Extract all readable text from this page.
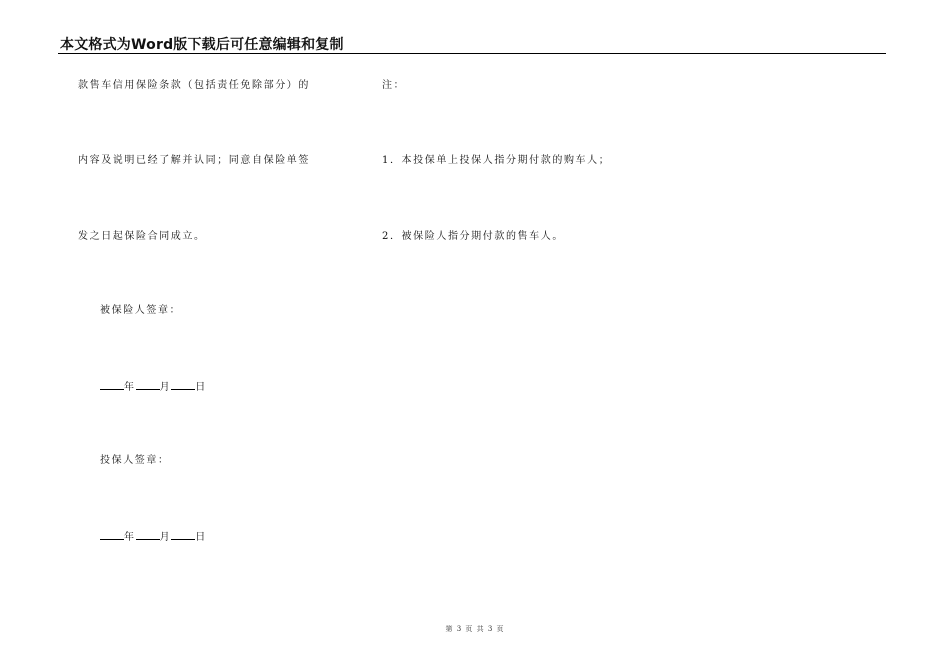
本文格式为Word版下载后可任意编辑和复制
款售车信用保险条款（包括责任免除部分）的
内容及说明已经了解并认同；同意自保险单签
发之日起保险合同成立。
被保险人签章：
年 月 日
投保人签章：
年 月 日
注：
1．本投保单上投保人指分期付款的购车人；
2．被保险人指分期付款的售车人。
第 3 页 共 3 页
